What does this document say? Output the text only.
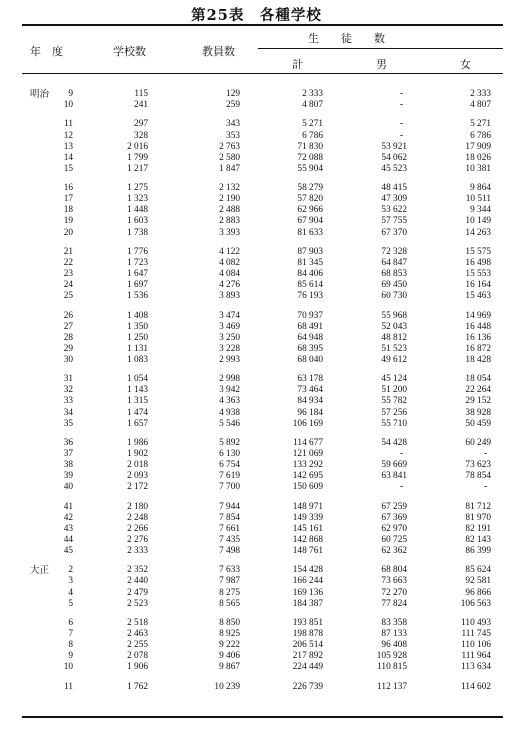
第25表　各種学校
年　度	学校数	教員数
生　　徒　　数
計	男	女
明治 9	115	129	2 333	-	2 333
10	241	259	4 807	-	4 807
11	297	343	5 271	-	5 271
12	328	353	6 786	-	6 786
13	2 016	2 763	71 830	53 921	17 909
14	1 799	2 580	72 088	54 062	18 026
15	1 217	1 847	55 904	45 523	10 381
16	1 275	2 132	58 279	48 415	9 864
17	1 323	2 190	57 820	47 309	10 511
18	1 448	2 488	62 966	53 622	9 344
19	1 603	2 883	67 904	57 755	10 149
20	1 738	3 393	81 633	67 370	14 263
21	1 776	4 122	87 903	72 328	15 575
22	1 723	4 082	81 345	64 847	16 498
23	1 647	4 084	84 406	68 853	15 553
24	1 697	4 276	85 614	69 450	16 164
25	1 536	3 893	76 193	60 730	15 463
26	1 408	3 474	70 937	55 968	14 969
27	1 350	3 469	68 491	52 043	16 448
28	1 250	3 250	64 948	48 812	16 136
29	1 131	3 228	68 395	51 523	16 872
30	1 083	2 993	68 040	49 612	18 428
31	1 054	2 998	63 178	45 124	18 054
32	1 143	3 942	73 464	51 200	22 264
33	1 315	4 363	84 934	55 782	29 152
34	1 474	4 938	96 184	57 256	38 928
35	1 657	5 546	106 169	55 710	50 459
36	1 986	5 892	114 677	54 428	60 249
37	1 902	6 130	121 069	-	-
38	2 018	6 754	133 292	59 669	73 623
39	2 093	7 619	142 695	63 841	78 854
40	2 172	7 700	150 609	-	-
41	2 180	7 944	148 971	67 259	81 712
42	2 248	7 854	149 339	67 369	81 970
43	2 266	7 661	145 161	62 970	82 191
44	2 276	7 435	142 868	60 725	82 143
45	2 333	7 498	148 761	62 362	86 399
大正 2	2 352	7 633	154 428	68 804	85 624
3	2 440	7 987	166 244	73 663	92 581
4	2 479	8 275	169 136	72 270	96 866
5	2 523	8 565	184 387	77 824	106 563
6	2 518	8 850	193 851	83 358	110 493
7	2 463	8 925	198 878	87 133	111 745
8	2 255	9 222	206 514	96 408	110 106
9	2 078	9 406	217 892	105 928	111 964
10	1 906	9 867	224 449	110 815	113 634
11	1 762	10 239	226 739	112 137	114 602
